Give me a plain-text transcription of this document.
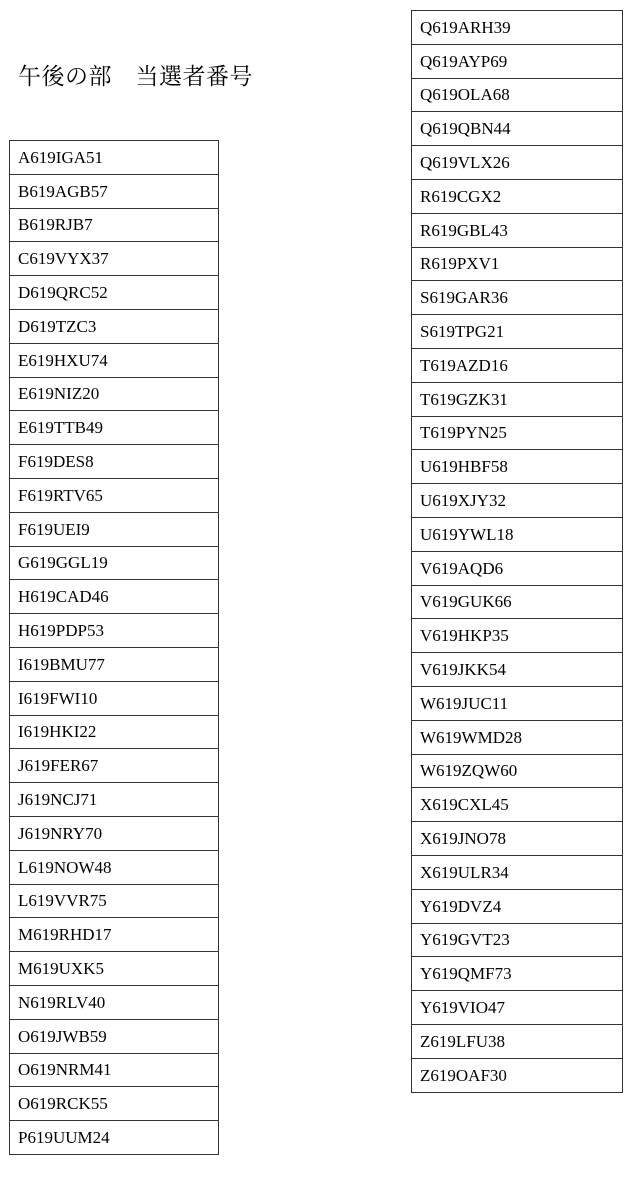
午後の部　当選者番号
A619IGA51
B619AGB57
B619RJB7
C619VYX37
D619QRC52
D619TZC3
E619HXU74
E619NIZ20
E619TTB49
F619DES8
F619RTV65
F619UEI9
G619GGL19
H619CAD46
H619PDP53
I619BMU77
I619FWI10
I619HKI22
J619FER67
J619NCJ71
J619NRY70
L619NOW48
L619VVR75
M619RHD17
M619UXK5
N619RLV40
O619JWB59
O619NRM41
O619RCK55
P619UUM24
Q619ARH39
Q619AYP69
Q619OLA68
Q619QBN44
Q619VLX26
R619CGX2
R619GBL43
R619PXV1
S619GAR36
S619TPG21
T619AZD16
T619GZK31
T619PYN25
U619HBF58
U619XJY32
U619YWL18
V619AQD6
V619GUK66
V619HKP35
V619JKK54
W619JUC11
W619WMD28
W619ZQW60
X619CXL45
X619JNO78
X619ULR34
Y619DVZ4
Y619GVT23
Y619QMF73
Y619VIO47
Z619LFU38
Z619OAF30
